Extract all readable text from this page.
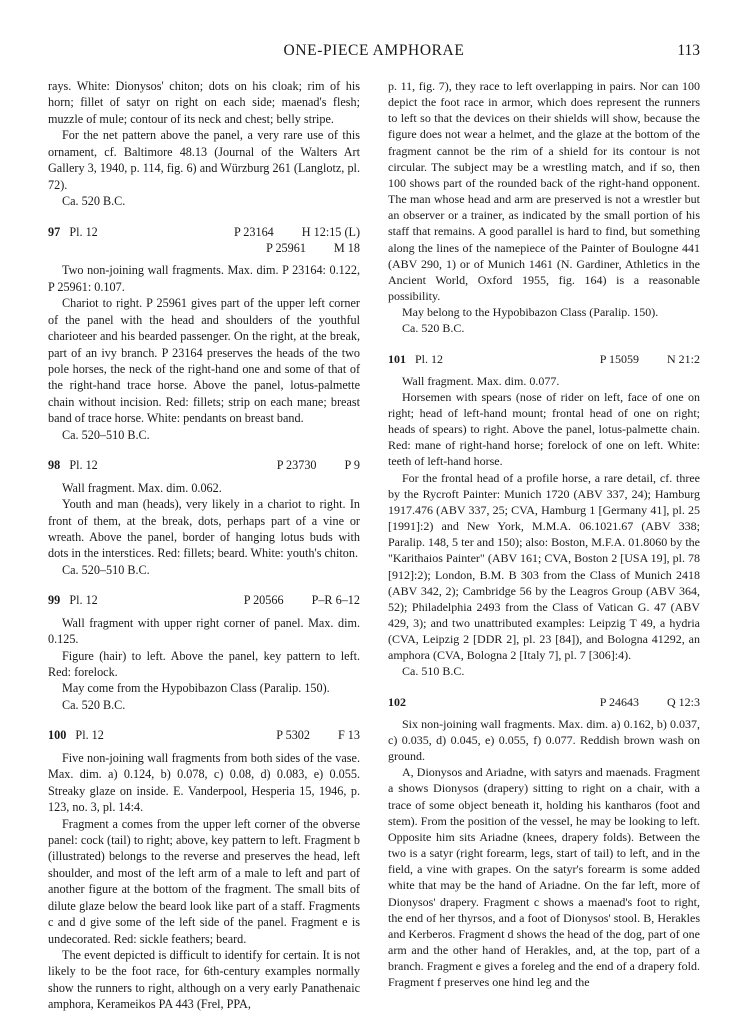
ONE-PIECE AMPHORAE	113

rays. White: Dionysos' chiton; dots on his cloak; rim of his horn; fillet of satyr on right on each side; maenad's flesh; muzzle of mule; contour of its neck and chest; belly stripe.

For the net pattern above the panel, a very rare use of this ornament, cf. Baltimore 48.13 (Journal of the Walters Art Gallery 3, 1940, p. 114, fig. 6) and Würzburg 261 (Langlotz, pl. 72).

Ca. 520 B.C.

97 Pl. 12	P 23164 H 12:15 (L)
P 25961 M 18

Two non-joining wall fragments. Max. dim. P 23164: 0.122, P 25961: 0.107.

Chariot to right. P 25961 gives part of the upper left corner of the panel with the head and shoulders of the youthful charioteer and his bearded passenger. On the right, at the break, part of an ivy branch. P 23164 preserves the heads of the two pole horses, the neck of the right-hand one and some of that of the right-hand trace horse. Above the panel, lotus-palmette chain without incision. Red: fillets; strip on each mane; breast band of trace horse. White: pendants on breast band.

Ca. 520–510 B.C.

98 Pl. 12	P 23730 P 9

Wall fragment. Max. dim. 0.062.

Youth and man (heads), very likely in a chariot to right. In front of them, at the break, dots, perhaps part of a vine or wreath. Above the panel, border of hanging lotus buds with dots in the interstices. Red: fillets; beard. White: youth's chiton.

Ca. 520–510 B.C.

99 Pl. 12	P 20566 P–R 6–12

Wall fragment with upper right corner of panel. Max. dim. 0.125.

Figure (hair) to left. Above the panel, key pattern to left. Red: forelock.

May come from the Hypobibazon Class (Paralip. 150).

Ca. 520 B.C.

100 Pl. 12	P 5302 F 13

Five non-joining wall fragments from both sides of the vase. Max. dim. a) 0.124, b) 0.078, c) 0.08, d) 0.083, e) 0.055. Streaky glaze on inside. E. Vanderpool, Hesperia 15, 1946, p. 123, no. 3, pl. 14:4.

Fragment a comes from the upper left corner of the obverse panel: cock (tail) to right; above, key pattern to left. Fragment b (illustrated) belongs to the reverse and preserves the head, left shoulder, and most of the left arm of a male to left and part of another figure at the bottom of the fragment. The small bits of dilute glaze below the beard look like part of a staff. Fragments c and d give some of the left side of the panel. Fragment e is undecorated. Red: sickle feathers; beard.

The event depicted is difficult to identify for certain. It is not likely to be the foot race, for 6th-century examples normally show the runners to right, although on a very early Panathenaic amphora, Kerameikos PA 443 (Frel, PPA,

p. 11, fig. 7), they race to left overlapping in pairs. Nor can 100 depict the foot race in armor, which does represent the runners to left so that the devices on their shields will show, because the figure does not wear a helmet, and the glaze at the bottom of the fragment cannot be the rim of a shield for its contour is not circular. The subject may be a wrestling match, and if so, then 100 shows part of the rounded back of the right-hand opponent. The man whose head and arm are preserved is not a wrestler but an observer or a trainer, as indicated by the small portion of his staff that remains. A good parallel is hard to find, but something along the lines of the namepiece of the Painter of Boulogne 441 (ABV 290, 1) or of Munich 1461 (N. Gardiner, Athletics in the Ancient World, Oxford 1955, fig. 164) is a reasonable possibility.

May belong to the Hypobibazon Class (Paralip. 150).

Ca. 520 B.C.

101 Pl. 12	P 15059 N 21:2

Wall fragment. Max. dim. 0.077.

Horsemen with spears (nose of rider on left, face of one on right; head of left-hand mount; frontal head of one on right; heads of spears) to right. Above the panel, lotus-palmette chain. Red: mane of right-hand horse; forelock of one on left. White: teeth of left-hand horse.

For the frontal head of a profile horse, a rare detail, cf. three by the Rycroft Painter: Munich 1720 (ABV 337, 24); Hamburg 1917.476 (ABV 337, 25; CVA, Hamburg 1 [Germany 41], pl. 25 [1991]:2) and New York, M.M.A. 06.1021.67 (ABV 338; Paralip. 148, 5 ter and 150); also: Boston, M.F.A. 01.8060 by the "Karithaios Painter" (ABV 161; CVA, Boston 2 [USA 19], pl. 78 [912]:2); London, B.M. B 303 from the Class of Munich 2418 (ABV 342, 2); Cambridge 56 by the Leagros Group (ABV 364, 52); Philadelphia 2493 from the Class of Vatican G. 47 (ABV 429, 3); and two unattributed examples: Leipzig T 49, a hydria (CVA, Leipzig 2 [DDR 2], pl. 23 [84]), and Bologna 41292, an amphora (CVA, Bologna 2 [Italy 7], pl. 7 [306]:4).

Ca. 510 B.C.

102	P 24643 Q 12:3

Six non-joining wall fragments. Max. dim. a) 0.162, b) 0.037, c) 0.035, d) 0.045, e) 0.055, f) 0.077. Reddish brown wash on ground.

A, Dionysos and Ariadne, with satyrs and maenads. Fragment a shows Dionysos (drapery) sitting to right on a chair, with a trace of some object beneath it, holding his kantharos (foot and stem). From the position of the vessel, he may be looking to left. Opposite him sits Ariadne (knees, drapery folds). Between the two is a satyr (right forearm, legs, start of tail) to left, and in the field, a vine with grapes. On the satyr's forearm is some added white that may be the hand of Ariadne. On the far left, more of Dionysos' drapery. Fragment c shows a maenad's foot to right, the end of her thyrsos, and a foot of Dionysos' stool. B, Herakles and Kerberos. Fragment d shows the head of the dog, part of one arm and the other hand of Herakles, and, at the top, part of a branch. Fragment e gives a foreleg and the end of a drapery fold. Fragment f preserves one hind leg and the
